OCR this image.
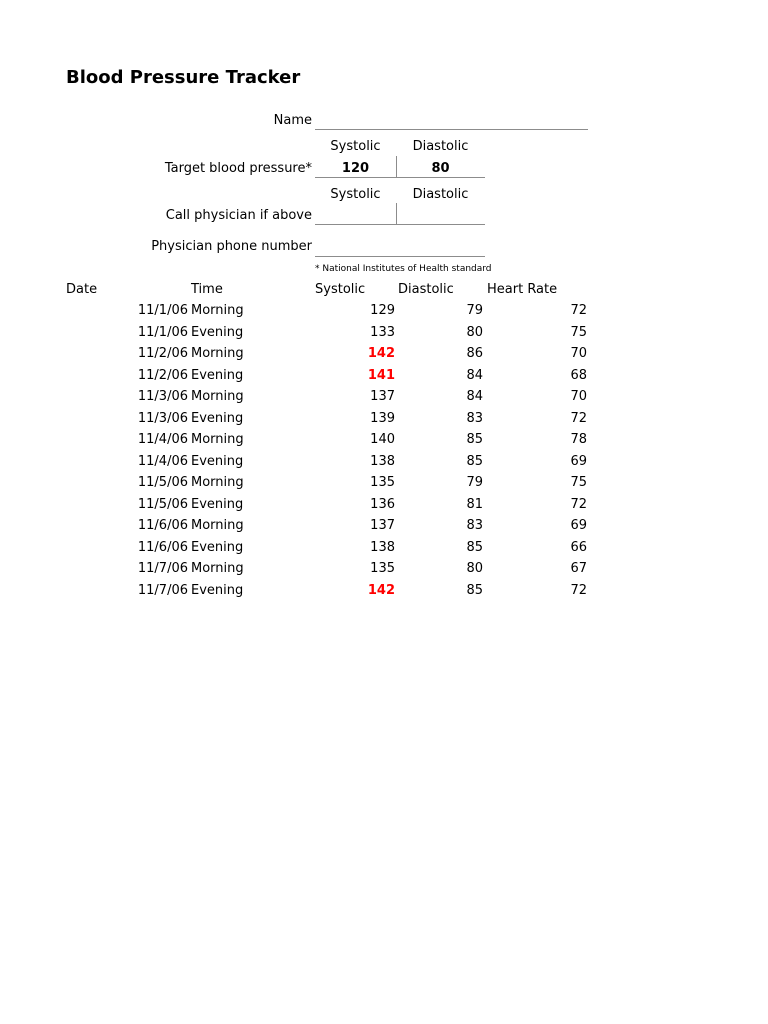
Blood Pressure Tracker
Name
Systolic	Diastolic
Target blood pressure*	120	80
Systolic	Diastolic
Call physician if above
Physician phone number
* National Institutes of Health standard
Date	Time	Systolic	Diastolic	Heart Rate
11/1/06 Morning	129	79	72
11/1/06 Evening	133	80	75
11/2/06 Morning	142	86	70
11/2/06 Evening	141	84	68
11/3/06 Morning	137	84	70
11/3/06 Evening	139	83	72
11/4/06 Morning	140	85	78
11/4/06 Evening	138	85	69
11/5/06 Morning	135	79	75
11/5/06 Evening	136	81	72
11/6/06 Morning	137	83	69
11/6/06 Evening	138	85	66
11/7/06 Morning	135	80	67
11/7/06 Evening	142	85	72
